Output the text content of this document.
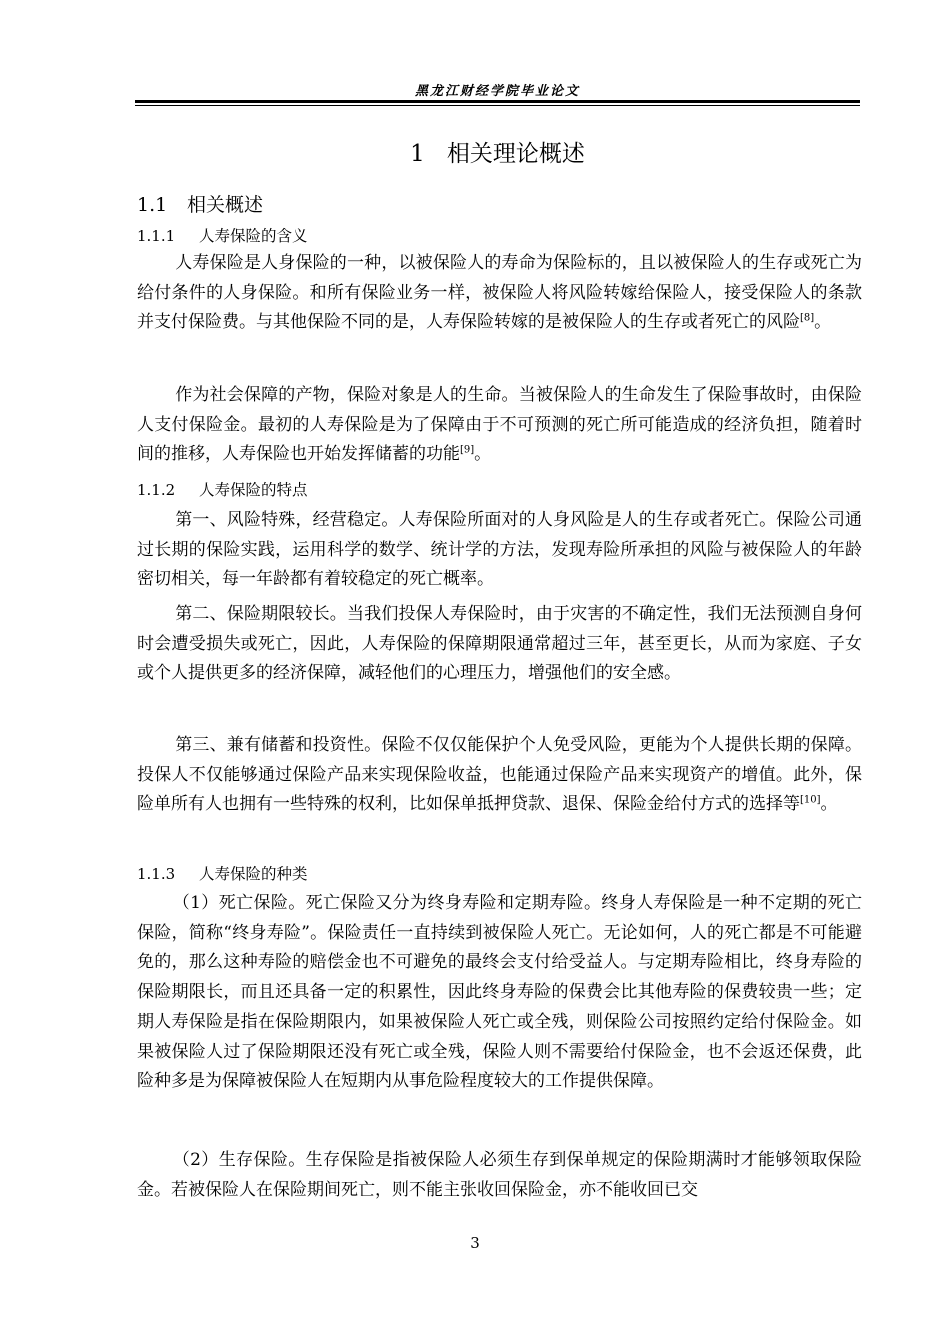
黑龙江财经学院毕业论文
1 相关理论概述
1.1 相关概述
1.1.1 人寿保险的含义

人寿保险是人身保险的一种，以被保险人的寿命为保险标的，且以被保险人的生存或死亡为给付条件的人身保险。和所有保险业务一样，被保险人将风险转嫁给保险人，接受保险人的条款并支付保险费。与其他保险不同的是，人寿保险转嫁的是被保险人的生存或者死亡的风险[8]。

作为社会保障的产物，保险对象是人的生命。当被保险人的生命发生了保险事故时，由保险人支付保险金。最初的人寿保险是为了保障由于不可预测的死亡所可能造成的经济负担，随着时间的推移，人寿保险也开始发挥储蓄的功能[9]。

1.1.2 人寿保险的特点

第一、风险特殊，经营稳定。人寿保险所面对的人身风险是人的生存或者死亡。保险公司通过长期的保险实践，运用科学的数学、统计学的方法，发现寿险所承担的风险与被保险人的年龄密切相关，每一年龄都有着较稳定的死亡概率。

第二、保险期限较长。当我们投保人寿保险时，由于灾害的不确定性，我们无法预测自身何时会遭受损失或死亡，因此，人寿保险的保障期限通常超过三年，甚至更长，从而为家庭、子女或个人提供更多的经济保障，减轻他们的心理压力，增强他们的安全感。

第三、兼有储蓄和投资性。保险不仅仅能保护个人免受风险，更能为个人提供长期的保障。投保人不仅能够通过保险产品来实现保险收益，也能通过保险产品来实现资产的增值。此外，保险单所有人也拥有一些特殊的权利，比如保单抵押贷款、退保、保险金给付方式的选择等[10]。

1.1.3 人寿保险的种类

（1）死亡保险。死亡保险又分为终身寿险和定期寿险。终身人寿保险是一种不定期的死亡保险，简称“终身寿险”。保险责任一直持续到被保险人死亡。无论如何，人的死亡都是不可能避免的，那么这种寿险的赔偿金也不可避免的最终会支付给受益人。与定期寿险相比，终身寿险的保险期限长，而且还具备一定的积累性，因此终身寿险的保费会比其他寿险的保费较贵一些；定期人寿保险是指在保险期限内，如果被保险人死亡或全残，则保险公司按照约定给付保险金。如果被保险人过了保险期限还没有死亡或全残，保险人则不需要给付保险金，也不会返还保费，此险种多是为保障被保险人在短期内从事危险程度较大的工作提供保障。

（2）生存保险。生存保险是指被保险人必须生存到保单规定的保险期满时才能够领取保险金。若被保险人在保险期间死亡，则不能主张收回保险金，亦不能收回已交

3
